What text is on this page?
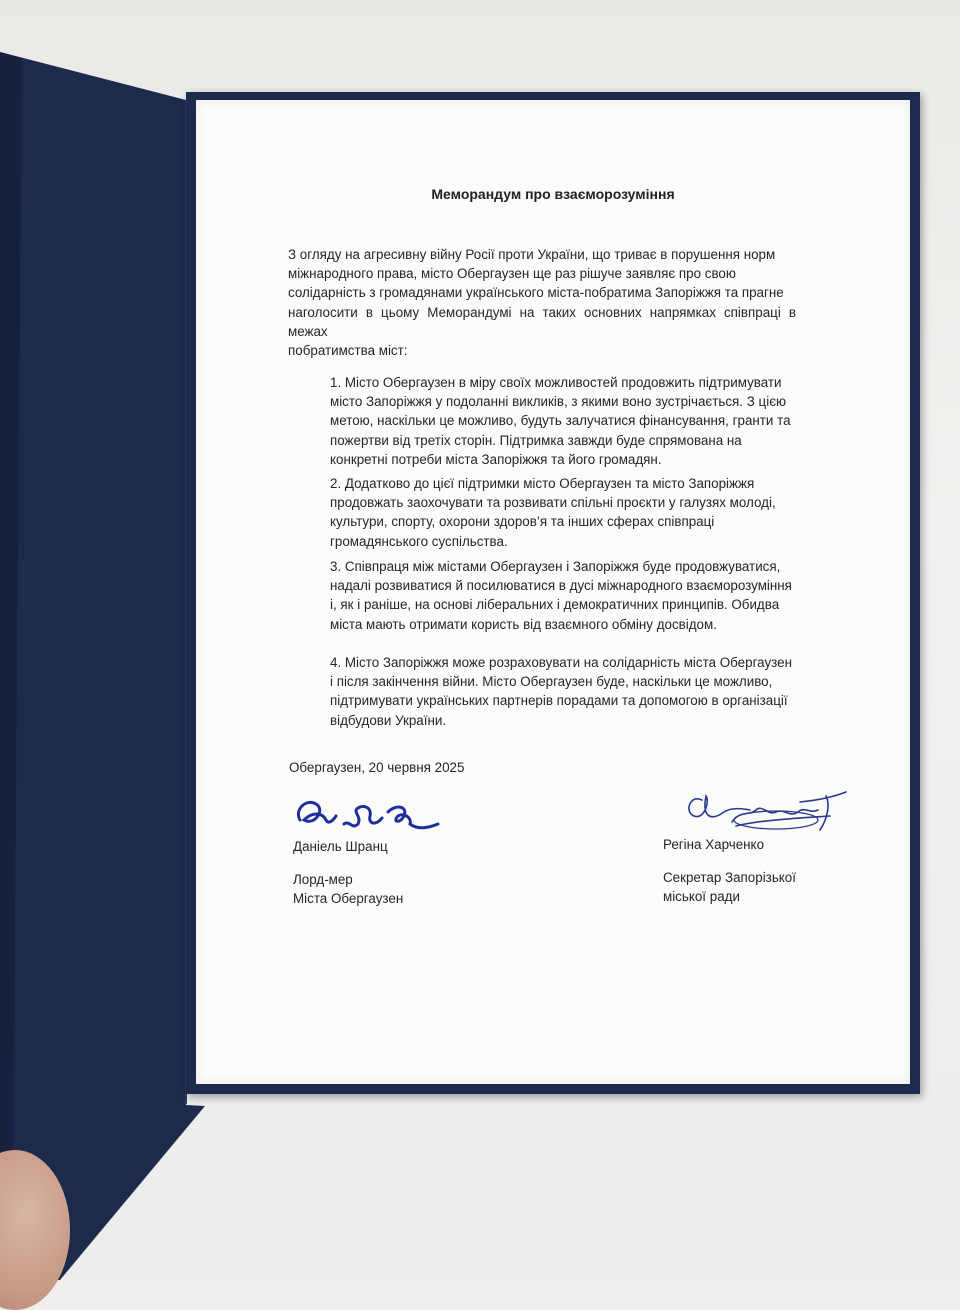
Меморандум про взаєморозуміння
З огляду на агресивну війну Росії проти України, що триває в порушення норм
міжнародного права, місто Обергаузен ще раз рішуче заявляє про свою
солідарність з громадянами українського міста-побратима Запоріжжя та прагне
наголосити в цьому Меморандумі на таких основних напрямках співпраці в межах
побратимства міст:
1. Місто Обергаузен в міру своїх можливостей продовжить підтримувати
місто Запоріжжя у подоланні викликів, з якими воно зустрічається. З цією
метою, наскільки це можливо, будуть залучатися фінансування, гранти та
пожертви від третіх сторін. Підтримка завжди буде спрямована на
конкретні потреби міста Запоріжжя та його громадян.
2. Додатково до цієї підтримки місто Обергаузен та місто Запоріжжя
продовжать заохочувати та розвивати спільні проєкти у галузях молоді,
культури, спорту, охорони здоров’я та інших сферах співпраці
громадянського суспільства.
3. Співпраця між містами Обергаузен і Запоріжжя буде продовжуватися,
надалі розвиватися й посилюватися в дусі міжнародного взаєморозуміння
і, як і раніше, на основі ліберальних і демократичних принципів. Обидва
міста мають отримати користь від взаємного обміну досвідом.
4. Місто Запоріжжя може розраховувати на солідарність міста Обергаузен
і після закінчення війни. Місто Обергаузен буде, наскільки це можливо,
підтримувати українських партнерів порадами та допомогою в організації
відбудови України.
Обергаузен, 20 червня 2025
Даніель Шранц
Лорд-мер
Міста Обергаузен
Регіна Харченко
Секретар Запорізької
міської ради
